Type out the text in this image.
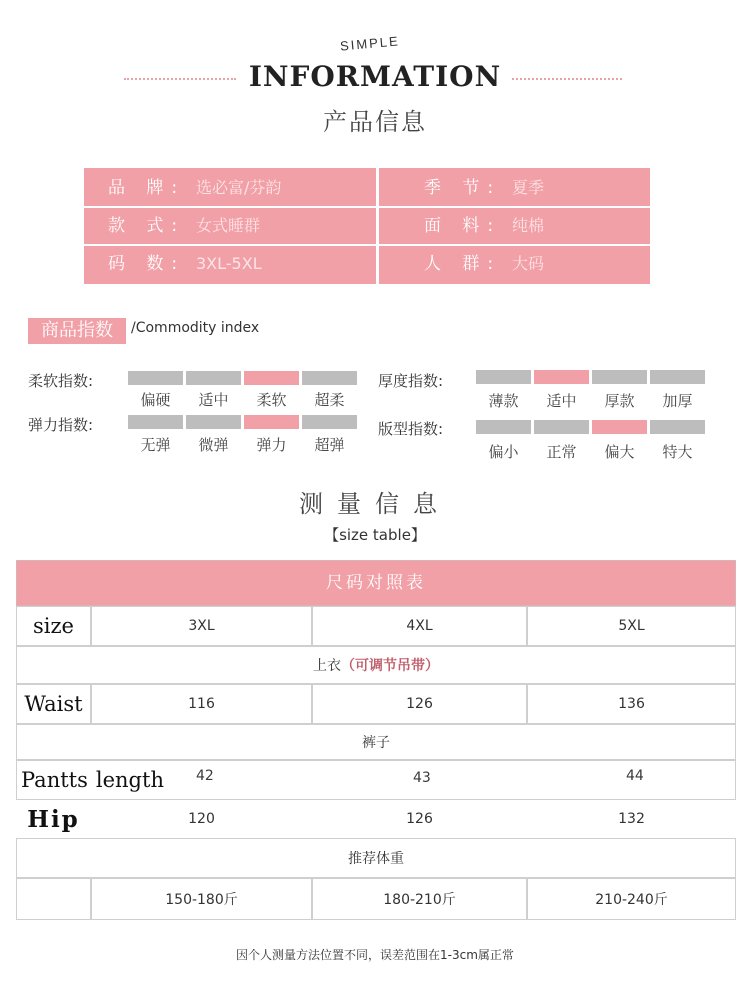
SIMPLE
INFORMATION
产品信息
品 牌: 选必富/芬韵	季 节: 夏季
款 式: 女式睡群	面 料: 纯棉
码 数: 3XL-5XL	人 群: 大码
商品指数	/Commodity index
柔软指数:
偏硬	适中	柔软	超柔
弹力指数:
无弹	微弹	弹力	超弹
厚度指数:
薄款	适中	厚款	加厚
版型指数:
偏小	正常	偏大	特大
测量信息
【size table】
尺码对照表
size	3XL	4XL	5XL
上衣 （可调节吊带）
Waist	116	126	136
裤子
Pantts length 42	43	44
Hip	120	126	132
推荐体重
150-180斤	180-210斤	210-240斤
因个人测量方法位置不同，误差范围在1-3cm属正常
